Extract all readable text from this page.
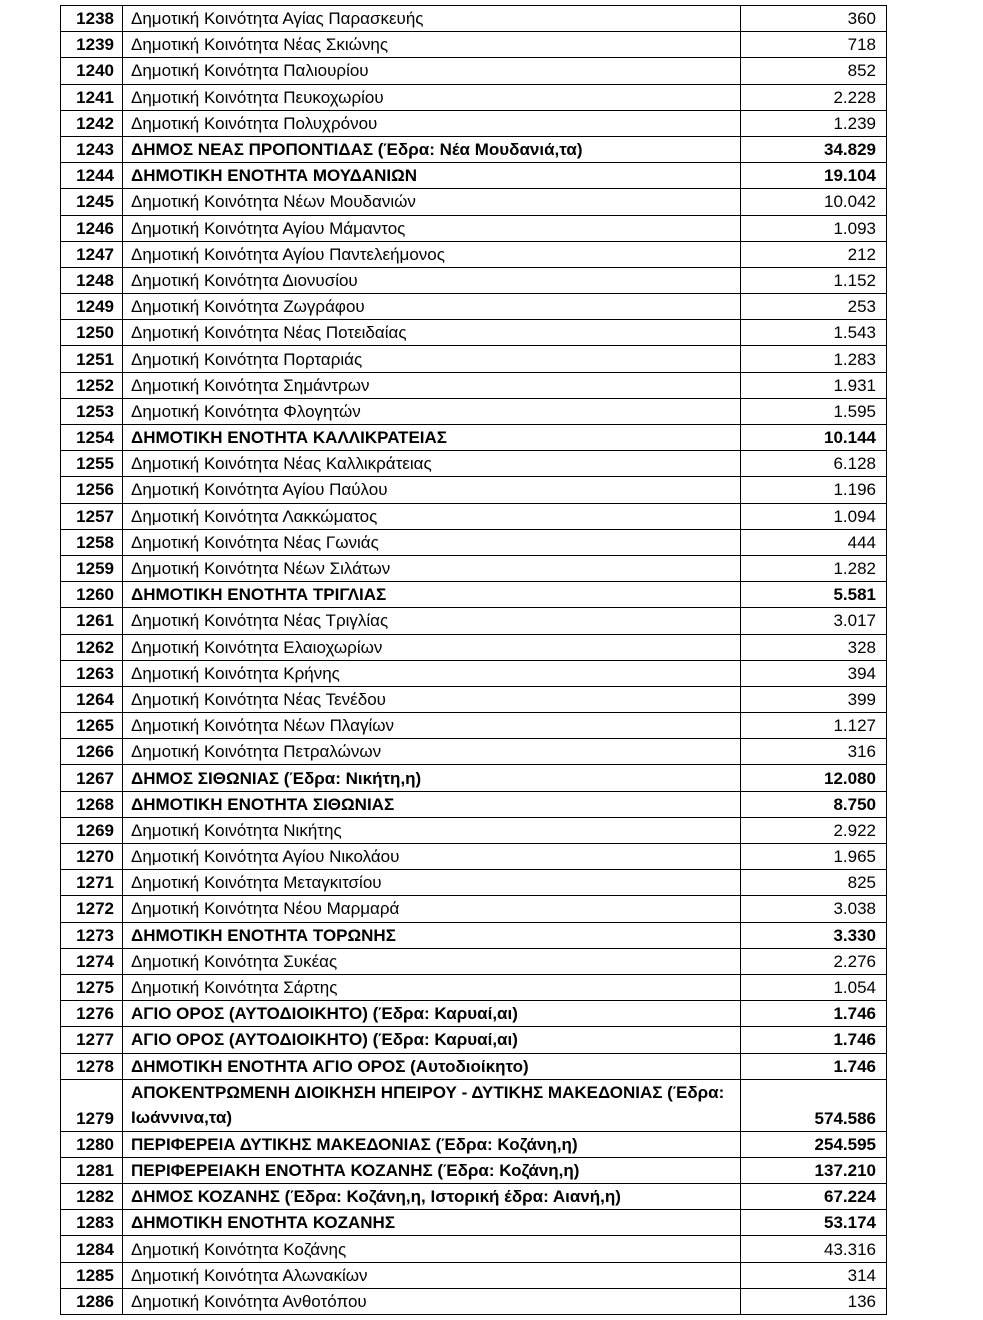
1238	Δημοτική Κοινότητα Αγίας Παρασκευής	360
1239	Δημοτική Κοινότητα Νέας Σκιώνης	718
1240	Δημοτική Κοινότητα Παλιουρίου	852
1241	Δημοτική Κοινότητα Πευκοχωρίου	2.228
1242	Δημοτική Κοινότητα Πολυχρόνου	1.239
1243	ΔΗΜΟΣ ΝΕΑΣ ΠΡΟΠΟΝΤΙΔΑΣ (Έδρα: Νέα Μουδανιά,τα)	34.829
1244	ΔΗΜΟΤΙΚΗ ΕΝΟΤΗΤΑ ΜΟΥΔΑΝΙΩΝ	19.104
1245	Δημοτική Κοινότητα Νέων Μουδανιών	10.042
1246	Δημοτική Κοινότητα Αγίου Μάμαντος	1.093
1247	Δημοτική Κοινότητα Αγίου Παντελεήμονος	212
1248	Δημοτική Κοινότητα Διονυσίου	1.152
1249	Δημοτική Κοινότητα Ζωγράφου	253
1250	Δημοτική Κοινότητα Νέας Ποτειδαίας	1.543
1251	Δημοτική Κοινότητα Πορταριάς	1.283
1252	Δημοτική Κοινότητα Σημάντρων	1.931
1253	Δημοτική Κοινότητα Φλογητών	1.595
1254	ΔΗΜΟΤΙΚΗ ΕΝΟΤΗΤΑ ΚΑΛΛΙΚΡΑΤΕΙΑΣ	10.144
1255	Δημοτική Κοινότητα Νέας Καλλικράτειας	6.128
1256	Δημοτική Κοινότητα Αγίου Παύλου	1.196
1257	Δημοτική Κοινότητα Λακκώματος	1.094
1258	Δημοτική Κοινότητα Νέας Γωνιάς	444
1259	Δημοτική Κοινότητα Νέων Σιλάτων	1.282
1260	ΔΗΜΟΤΙΚΗ ΕΝΟΤΗΤΑ ΤΡΙΓΛΙΑΣ	5.581
1261	Δημοτική Κοινότητα Νέας Τριγλίας	3.017
1262	Δημοτική Κοινότητα Ελαιοχωρίων	328
1263	Δημοτική Κοινότητα Κρήνης	394
1264	Δημοτική Κοινότητα Νέας Τενέδου	399
1265	Δημοτική Κοινότητα Νέων Πλαγίων	1.127
1266	Δημοτική Κοινότητα Πετραλώνων	316
1267	ΔΗΜΟΣ ΣΙΘΩΝΙΑΣ (Έδρα: Νικήτη,η)	12.080
1268	ΔΗΜΟΤΙΚΗ ΕΝΟΤΗΤΑ ΣΙΘΩΝΙΑΣ	8.750
1269	Δημοτική Κοινότητα Νικήτης	2.922
1270	Δημοτική Κοινότητα Αγίου Νικολάου	1.965
1271	Δημοτική Κοινότητα Μεταγκιτσίου	825
1272	Δημοτική Κοινότητα Νέου Μαρμαρά	3.038
1273	ΔΗΜΟΤΙΚΗ ΕΝΟΤΗΤΑ ΤΟΡΩΝΗΣ	3.330
1274	Δημοτική Κοινότητα Συκέας	2.276
1275	Δημοτική Κοινότητα Σάρτης	1.054
1276	ΑΓΙΟ ΟΡΟΣ (ΑΥΤΟΔΙΟΙΚΗΤΟ) (Έδρα: Καρυαί,αι)	1.746
1277	ΑΓΙΟ ΟΡΟΣ (ΑΥΤΟΔΙΟΙΚΗΤΟ) (Έδρα: Καρυαί,αι)	1.746
1278	ΔΗΜΟΤΙΚΗ ΕΝΟΤΗΤΑ ΑΓΙΟ ΟΡΟΣ (Αυτοδιοίκητο)	1.746
1279	ΑΠΟΚΕΝΤΡΩΜΕΝΗ ΔΙΟΙΚΗΣΗ ΗΠΕΙΡΟΥ - ΔΥΤΙΚΗΣ ΜΑΚΕΔΟΝΙΑΣ (Έδρα: Ιωάννινα,τα)	574.586
1280	ΠΕΡΙΦΕΡΕΙΑ ΔΥΤΙΚΗΣ ΜΑΚΕΔΟΝΙΑΣ (Έδρα: Κοζάνη,η)	254.595
1281	ΠΕΡΙΦΕΡΕΙΑΚΗ ΕΝΟΤΗΤΑ ΚΟΖΑΝΗΣ (Έδρα: Κοζάνη,η)	137.210
1282	ΔΗΜΟΣ ΚΟΖΑΝΗΣ (Έδρα: Κοζάνη,η, Ιστορική έδρα: Αιανή,η)	67.224
1283	ΔΗΜΟΤΙΚΗ ΕΝΟΤΗΤΑ ΚΟΖΑΝΗΣ	53.174
1284	Δημοτική Κοινότητα Κοζάνης	43.316
1285	Δημοτική Κοινότητα Αλωνακίων	314
1286	Δημοτική Κοινότητα Ανθοτόπου	136
